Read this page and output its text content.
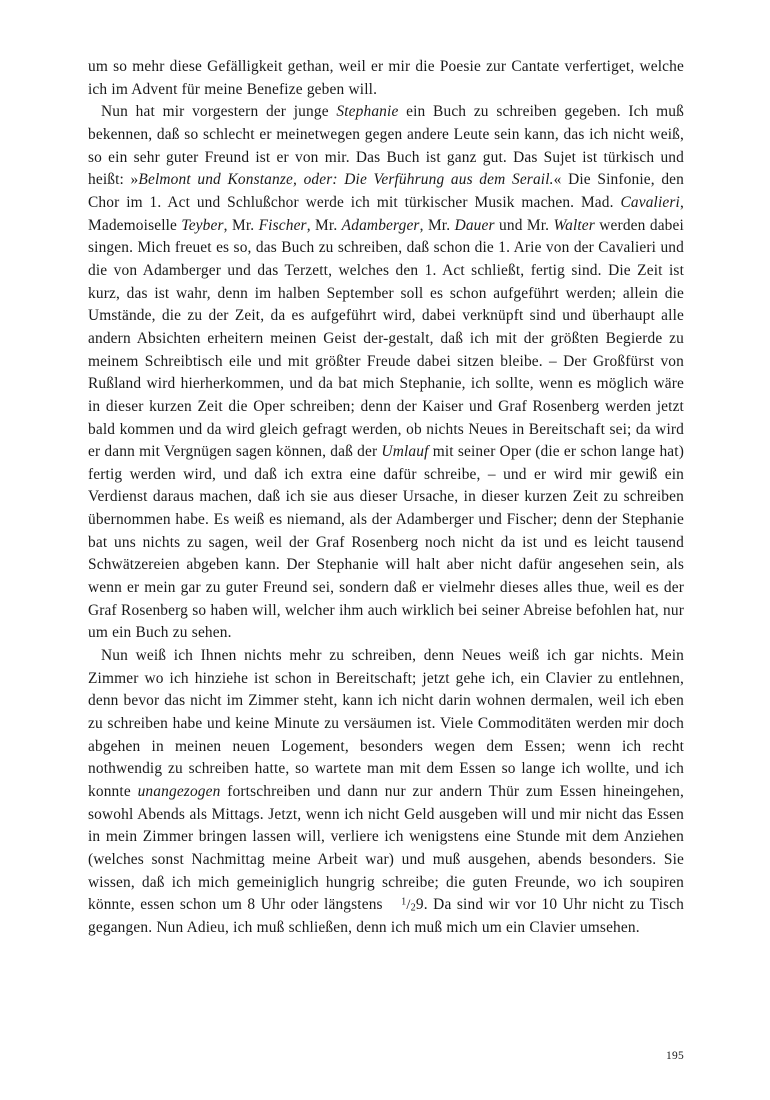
um so mehr diese Gefälligkeit gethan, weil er mir die Poesie zur Cantate verfertiget, welche ich im Advent für meine Benefize geben will.

Nun hat mir vorgestern der junge Stephanie ein Buch zu schreiben gegeben. Ich muß bekennen, daß so schlecht er meinetwegen gegen andere Leute sein kann, das ich nicht weiß, so ein sehr guter Freund ist er von mir. Das Buch ist ganz gut. Das Sujet ist türkisch und heißt: »Belmont und Konstanze, oder: Die Verführung aus dem Serail.« Die Sinfonie, den Chor im 1. Act und Schlußchor werde ich mit türkischer Musik machen. Mad. Cavalieri, Mademoiselle Teyber, Mr. Fischer, Mr. Adamberger, Mr. Dauer und Mr. Walter werden dabei singen. Mich freuet es so, das Buch zu schreiben, daß schon die 1. Arie von der Cavalieri und die von Adamberger und das Terzett, welches den 1. Act schließt, fertig sind. Die Zeit ist kurz, das ist wahr, denn im halben September soll es schon aufgeführt werden; allein die Umstände, die zu der Zeit, da es aufgeführt wird, dabei verknüpft sind und überhaupt alle andern Absichten erheitern meinen Geist der-gestalt, daß ich mit der größten Begierde zu meinem Schreibtisch eile und mit größter Freude dabei sitzen bleibe. – Der Großfürst von Rußland wird hierherkommen, und da bat mich Stephanie, ich sollte, wenn es möglich wäre in dieser kurzen Zeit die Oper schreiben; denn der Kaiser und Graf Rosenberg werden jetzt bald kommen und da wird gleich gefragt werden, ob nichts Neues in Bereitschaft sei; da wird er dann mit Vergnügen sagen können, daß der Umlauf mit seiner Oper (die er schon lange hat) fertig werden wird, und daß ich extra eine dafür schreibe, – und er wird mir gewiß ein Verdienst daraus machen, daß ich sie aus dieser Ursache, in dieser kurzen Zeit zu schreiben übernommen habe. Es weiß es niemand, als der Adamberger und Fischer; denn der Stephanie bat uns nichts zu sagen, weil der Graf Rosenberg noch nicht da ist und es leicht tausend Schwätzereien abgeben kann. Der Stephanie will halt aber nicht dafür angesehen sein, als wenn er mein gar zu guter Freund sei, sondern daß er vielmehr dieses alles thue, weil es der Graf Rosenberg so haben will, welcher ihm auch wirklich bei seiner Abreise befohlen hat, nur um ein Buch zu sehen.

Nun weiß ich Ihnen nichts mehr zu schreiben, denn Neues weiß ich gar nichts. Mein Zimmer wo ich hinziehe ist schon in Bereitschaft; jetzt gehe ich, ein Clavier zu entlehnen, denn bevor das nicht im Zimmer steht, kann ich nicht darin wohnen dermalen, weil ich eben zu schreiben habe und keine Minute zu versäumen ist. Viele Commoditäten werden mir doch abgehen in meinen neuen Logement, besonders wegen dem Essen; wenn ich recht nothwendig zu schreiben hatte, so wartete man mit dem Essen so lange ich wollte, und ich konnte unangezogen fortschreiben und dann nur zur andern Thür zum Essen hineingehen, sowohl Abends als Mittags. Jetzt, wenn ich nicht Geld ausgeben will und mir nicht das Essen in mein Zimmer bringen lassen will, verliere ich wenigstens eine Stunde mit dem Anziehen (welches sonst Nachmittag meine Arbeit war) und muß ausgehen, abends besonders. Sie wissen, daß ich mich gemeiniglich hungrig schreibe; die guten Freunde, wo ich soupiren könnte, essen schon um 8 Uhr oder längstens $^1$/29. Da sind wir vor 10 Uhr nicht zu Tisch gegangen. Nun Adieu, ich muß schließen, denn ich muß mich um ein Clavier umsehen.

195
